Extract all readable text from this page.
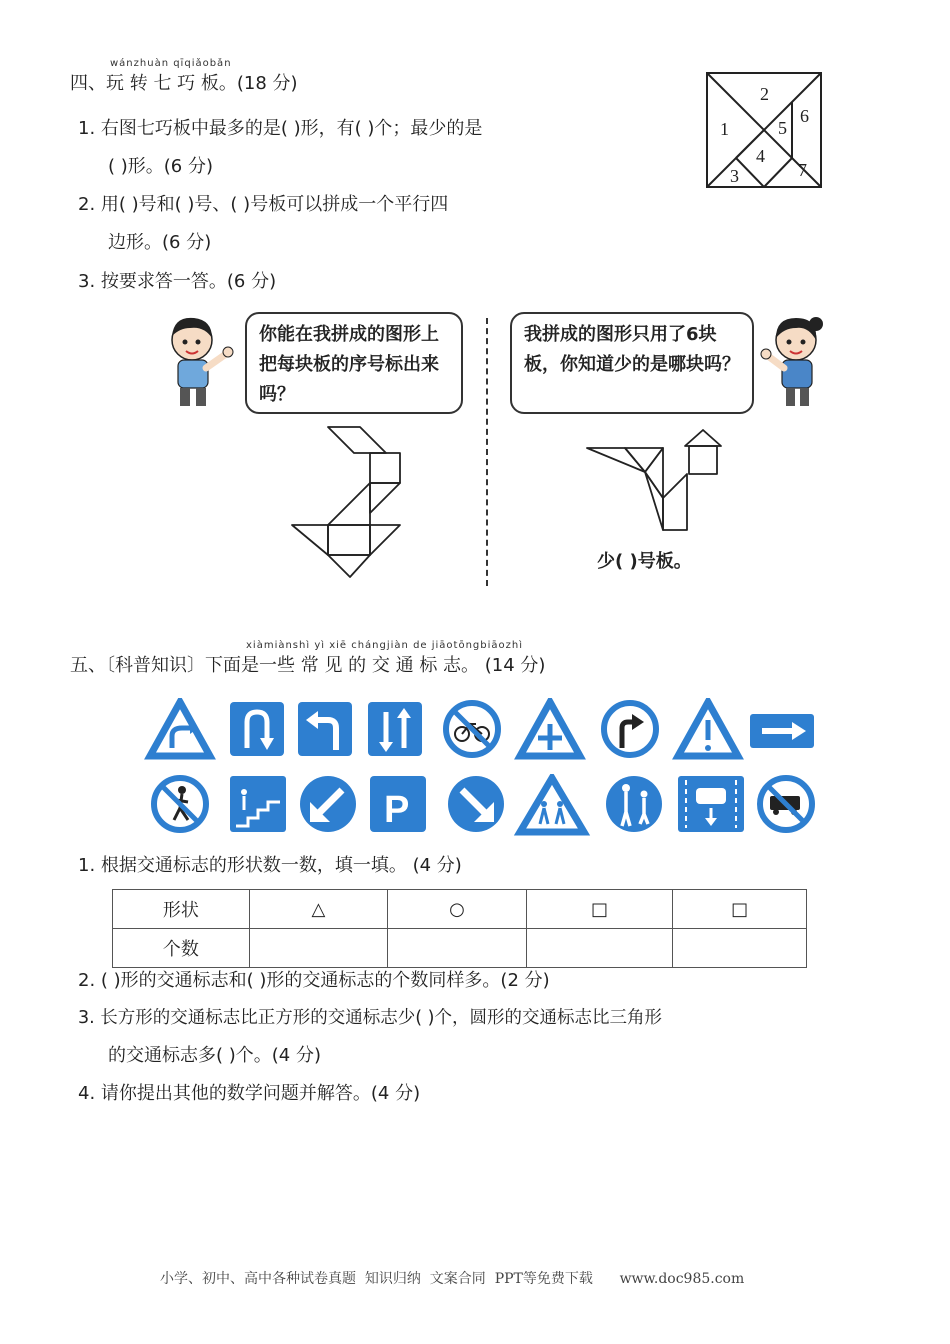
wánzhuàn qīqiǎobǎn
四、玩 转 七 巧 板。(18 分)
1
2
3
4
5
6
7
1. 右图七巧板中最多的是( )形，有( )个；最少的是
( )形。(6 分)
2. 用( )号和( )号、( )号板可以拼成一个平行四
边形。(6 分)
3. 按要求答一答。(6 分)
你能在我拼成的图形上把每块板的序号标出来吗？
我拼成的图形只用了6块板，你知道少的是哪块吗？
少( )号板。
xiàmiànshì yì xiē chángjiàn de jiāotōngbiāozhì
五、〔科普知识〕下面是一些 常 见 的 交 通 标 志。 (14 分)
P
1. 根据交通标志的形状数一数，填一填。 (4 分)
形状	△	○	□	□
个数				
2. ( )形的交通标志和( )形的交通标志的个数同样多。(2 分)
3. 长方形的交通标志比正方形的交通标志少( )个，圆形的交通标志比三角形
的交通标志多( )个。(4 分)
4. 请你提出其他的数学问题并解答。(4 分)
小学、初中、高中各种试卷真题  知识归纳  文案合同  PPT等免费下载      www.doc985.com
